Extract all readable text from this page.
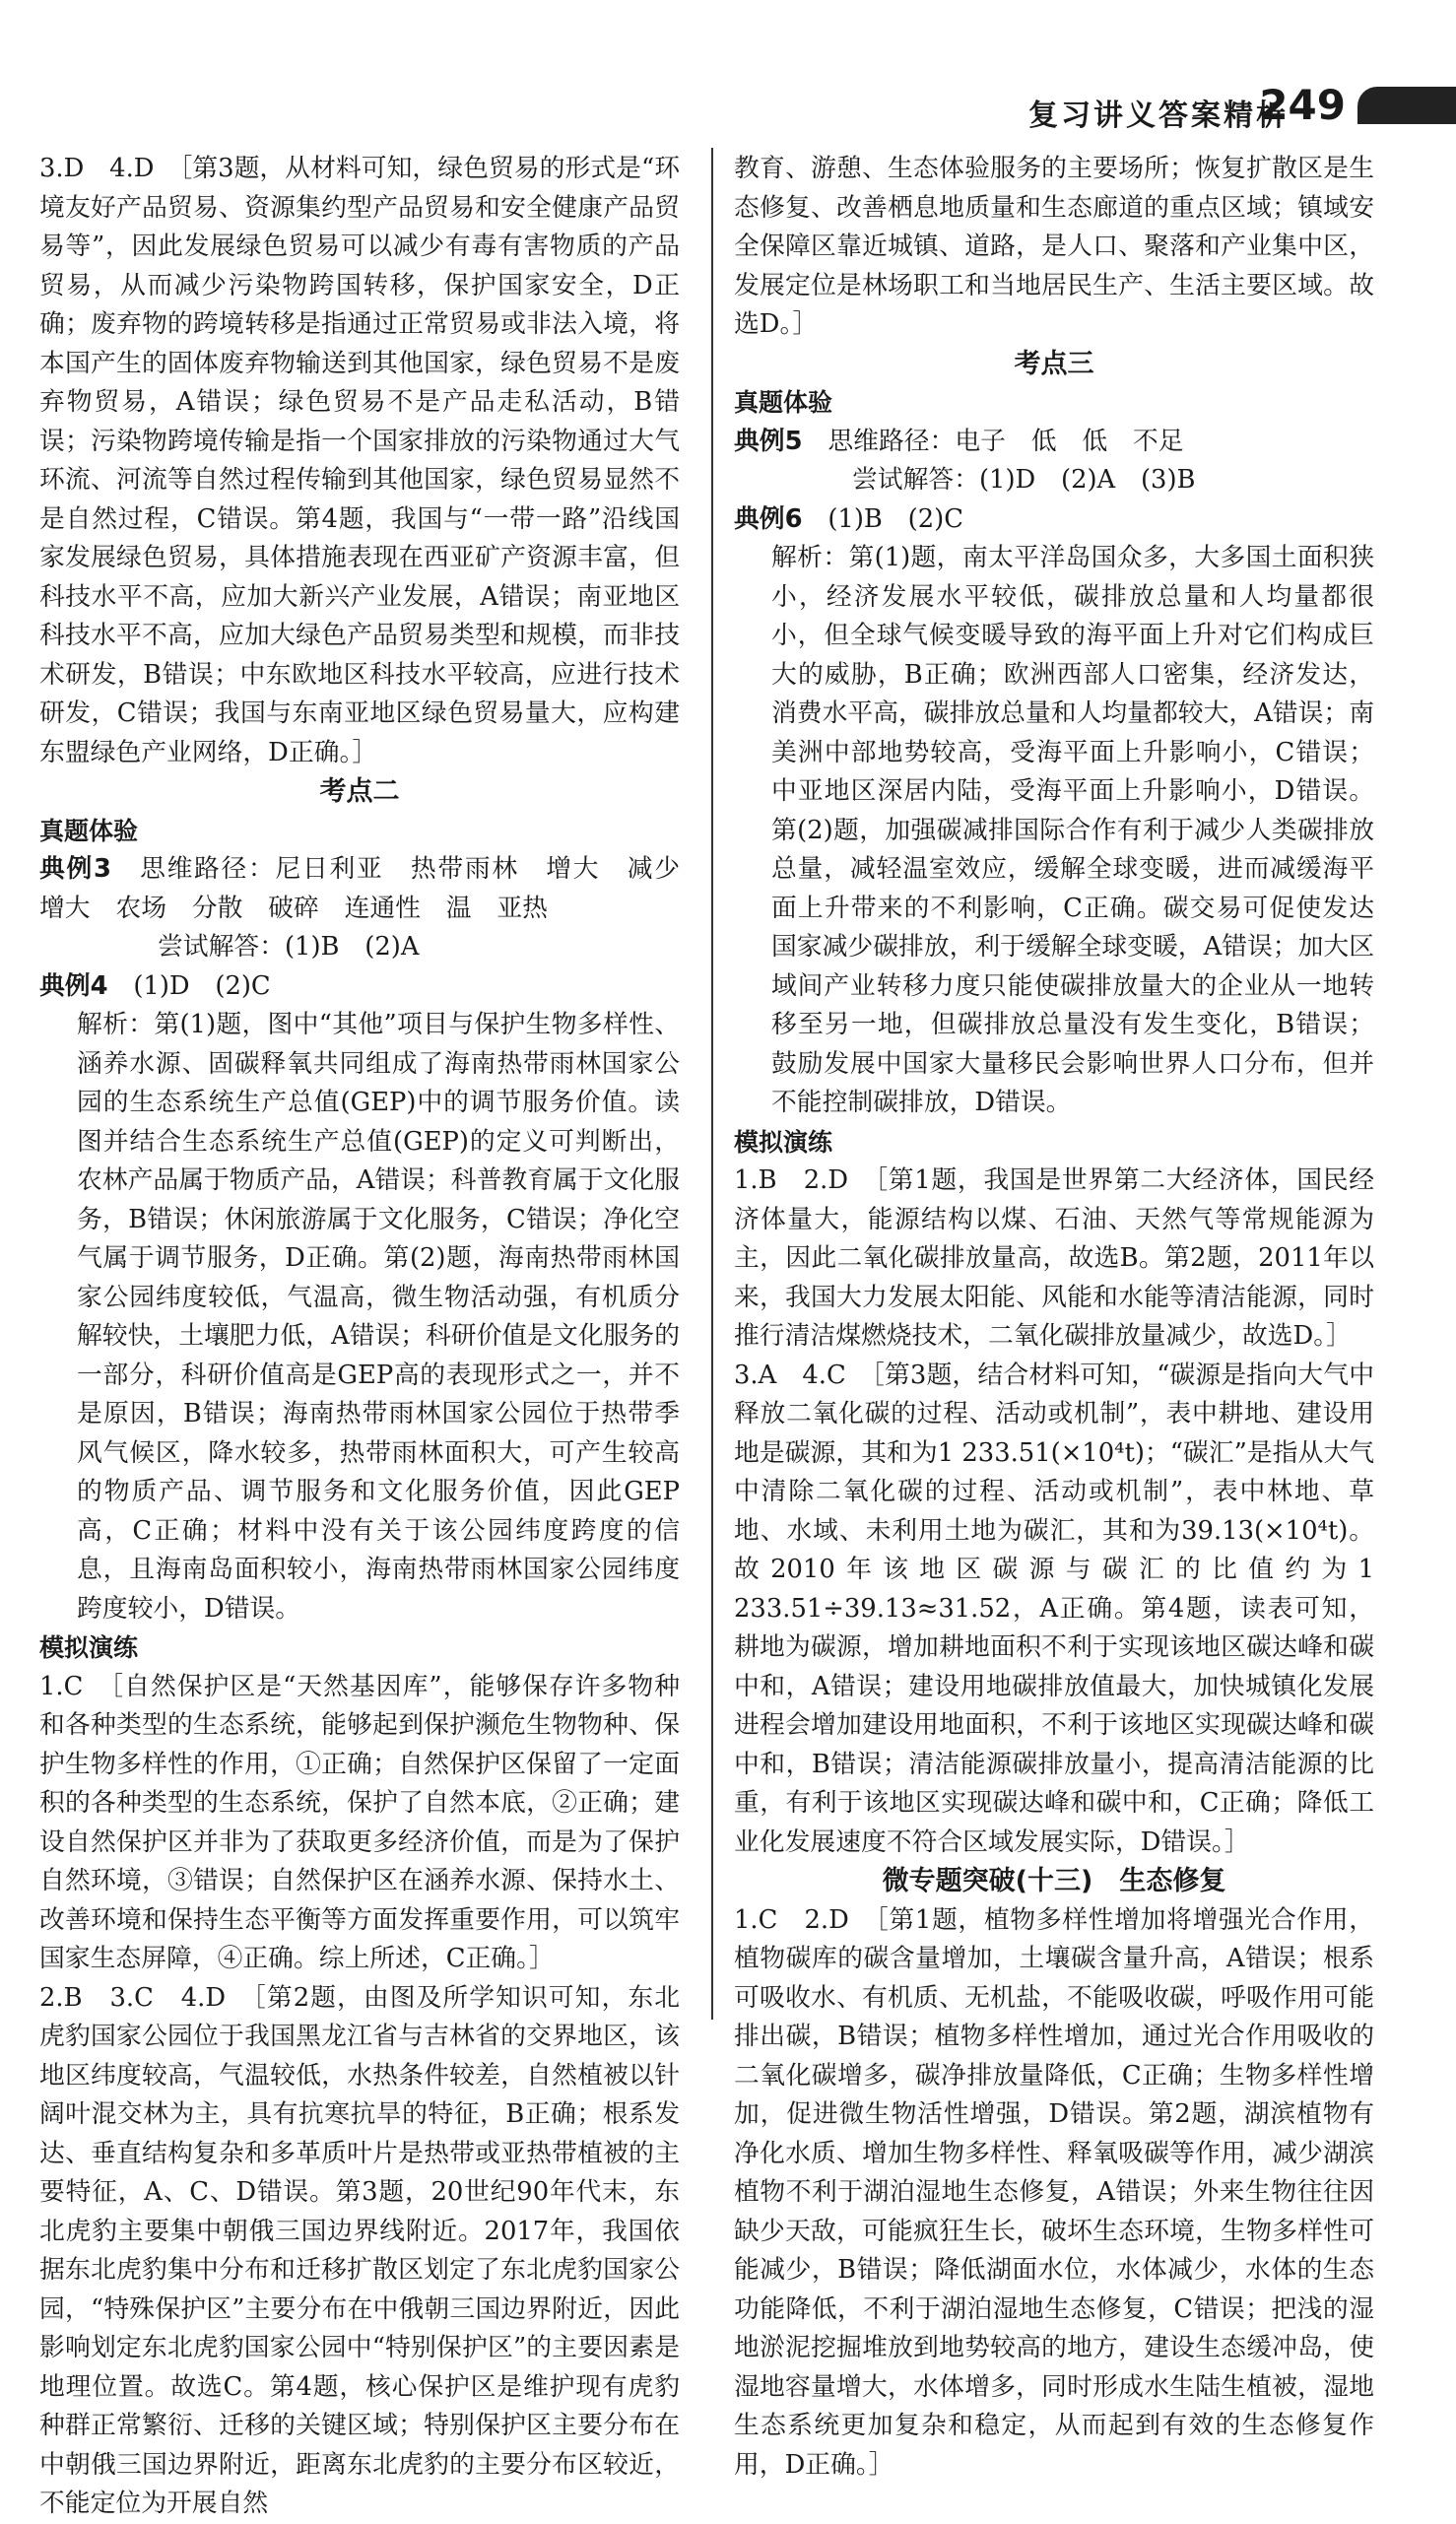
复习讲义答案精析
249

3.D　4.D　［第3题，从材料可知，绿色贸易的形式是“环境友好产品贸易、资源集约型产品贸易和安全健康产品贸易等”，因此发展绿色贸易可以减少有毒有害物质的产品贸易，从而减少污染物跨国转移，保护国家安全，D正确；废弃物的跨境转移是指通过正常贸易或非法入境，将本国产生的固体废弃物输送到其他国家，绿色贸易不是废弃物贸易，A错误；绿色贸易不是产品走私活动，B错误；污染物跨境传输是指一个国家排放的污染物通过大气环流、河流等自然过程传输到其他国家，绿色贸易显然不是自然过程，C错误。第4题，我国与“一带一路”沿线国家发展绿色贸易，具体措施表现在西亚矿产资源丰富，但科技水平不高，应加大新兴产业发展，A错误；南亚地区科技水平不高，应加大绿色产品贸易类型和规模，而非技术研发，B错误；中东欧地区科技水平较高，应进行技术研发，C错误；我国与东南亚地区绿色贸易量大，应构建东盟绿色产业网络，D正确。］

考点二

真题体验

典例3　 思维路径：尼日利亚　热带雨林　增大　减少　增大　农场　分散　破碎　连通性　温　亚热

尝试解答：(1)B　(2)A

典例4　 (1)D　(2)C

解析：第(1)题，图中“其他”项目与保护生物多样性、涵养水源、固碳释氧共同组成了海南热带雨林国家公园的生态系统生产总值(GEP)中的调节服务价值。读图并结合生态系统生产总值(GEP)的定义可判断出，农林产品属于物质产品，A错误；科普教育属于文化服务，B错误；休闲旅游属于文化服务，C错误；净化空气属于调节服务，D正确。第(2)题，海南热带雨林国家公园纬度较低，气温高，微生物活动强，有机质分解较快，土壤肥力低，A错误；科研价值是文化服务的一部分，科研价值高是GEP高的表现形式之一，并不是原因，B错误；海南热带雨林国家公园位于热带季风气候区，降水较多，热带雨林面积大，可产生较高的物质产品、调节服务和文化服务价值，因此GEP高，C正确；材料中没有关于该公园纬度跨度的信息，且海南岛面积较小，海南热带雨林国家公园纬度跨度较小，D错误。

模拟演练

1.C　［自然保护区是“天然基因库”，能够保存许多物种和各种类型的生态系统，能够起到保护濒危生物物种、保护生物多样性的作用，①正确；自然保护区保留了一定面积的各种类型的生态系统，保护了自然本底，②正确；建设自然保护区并非为了获取更多经济价值，而是为了保护自然环境，③错误；自然保护区在涵养水源、保持水土、改善环境和保持生态平衡等方面发挥重要作用，可以筑牢国家生态屏障，④正确。综上所述，C正确。］

2.B　3.C　4.D　［第2题，由图及所学知识可知，东北虎豹国家公园位于我国黑龙江省与吉林省的交界地区，该地区纬度较高，气温较低，水热条件较差，自然植被以针阔叶混交林为主，具有抗寒抗旱的特征，B正确；根系发达、垂直结构复杂和多革质叶片是热带或亚热带植被的主要特征，A、C、D错误。第3题，20世纪90年代末，东北虎豹主要集中朝俄三国边界线附近。2017年，我国依据东北虎豹集中分布和迁移扩散区划定了东北虎豹国家公园，“特殊保护区”主要分布在中俄朝三国边界附近，因此影响划定东北虎豹国家公园中“特别保护区”的主要因素是地理位置。故选C。第4题，核心保护区是维护现有虎豹种群正常繁衍、迁移的关键区域；特别保护区主要分布在中朝俄三国边界附近，距离东北虎豹的主要分布区较近，不能定位为开展自然

教育、游憩、生态体验服务的主要场所；恢复扩散区是生态修复、改善栖息地质量和生态廊道的重点区域；镇域安全保障区靠近城镇、道路，是人口、聚落和产业集中区，发展定位是林场职工和当地居民生产、生活主要区域。故选D。］

考点三

真题体验

典例5　 思维路径：电子　低　低　不足

尝试解答：(1)D　(2)A　(3)B

典例6　 (1)B　(2)C

解析：第(1)题，南太平洋岛国众多，大多国土面积狭小，经济发展水平较低，碳排放总量和人均量都很小，但全球气候变暖导致的海平面上升对它们构成巨大的威胁，B正确；欧洲西部人口密集，经济发达，消费水平高，碳排放总量和人均量都较大，A错误；南美洲中部地势较高，受海平面上升影响小，C错误；中亚地区深居内陆，受海平面上升影响小，D错误。第(2)题，加强碳减排国际合作有利于减少人类碳排放总量，减轻温室效应，缓解全球变暖，进而减缓海平面上升带来的不利影响，C正确。碳交易可促使发达国家减少碳排放，利于缓解全球变暖，A错误；加大区域间产业转移力度只能使碳排放量大的企业从一地转移至另一地，但碳排放总量没有发生变化，B错误；鼓励发展中国家大量移民会影响世界人口分布，但并不能控制碳排放，D错误。

模拟演练

1.B　2.D　［第1题，我国是世界第二大经济体，国民经济体量大，能源结构以煤、石油、天然气等常规能源为主，因此二氧化碳排放量高，故选B。第2题，2011年以来，我国大力发展太阳能、风能和水能等清洁能源，同时推行清洁煤燃烧技术，二氧化碳排放量减少，故选D。］

3.A　4.C　［第3题，结合材料可知，“碳源是指向大气中释放二氧化碳的过程、活动或机制”，表中耕地、建设用地是碳源，其和为1 233.51(×10⁴t)；“碳汇”是指从大气中清除二氧化碳的过程、活动或机制”，表中林地、草地、水域、未利用土地为碳汇，其和为39.13(×10⁴t)。故2010年该地区碳源与碳汇的比值约为1 233.51÷39.13≈31.52，A正确。第4题，读表可知，耕地为碳源，增加耕地面积不利于实现该地区碳达峰和碳中和，A错误；建设用地碳排放值最大，加快城镇化发展进程会增加建设用地面积，不利于该地区实现碳达峰和碳中和，B错误；清洁能源碳排放量小，提高清洁能源的比重，有利于该地区实现碳达峰和碳中和，C正确；降低工业化发展速度不符合区域发展实际，D错误。］

微专题突破(十三)　生态修复

1.C　2.D　［第1题，植物多样性增加将增强光合作用，植物碳库的碳含量增加，土壤碳含量升高，A错误；根系可吸收水、有机质、无机盐，不能吸收碳，呼吸作用可能排出碳，B错误；植物多样性增加，通过光合作用吸收的二氧化碳增多，碳净排放量降低，C正确；生物多样性增加，促进微生物活性增强，D错误。第2题，湖滨植物有净化水质、增加生物多样性、释氧吸碳等作用，减少湖滨植物不利于湖泊湿地生态修复，A错误；外来生物往往因缺少天敌，可能疯狂生长，破坏生态环境，生物多样性可能减少，B错误；降低湖面水位，水体减少，水体的生态功能降低，不利于湖泊湿地生态修复，C错误；把浅的湿地淤泥挖掘堆放到地势较高的地方，建设生态缓冲岛，使湿地容量增大，水体增多，同时形成水生陆生植被，湿地生态系统更加复杂和稳定，从而起到有效的生态修复作用，D正确。］
